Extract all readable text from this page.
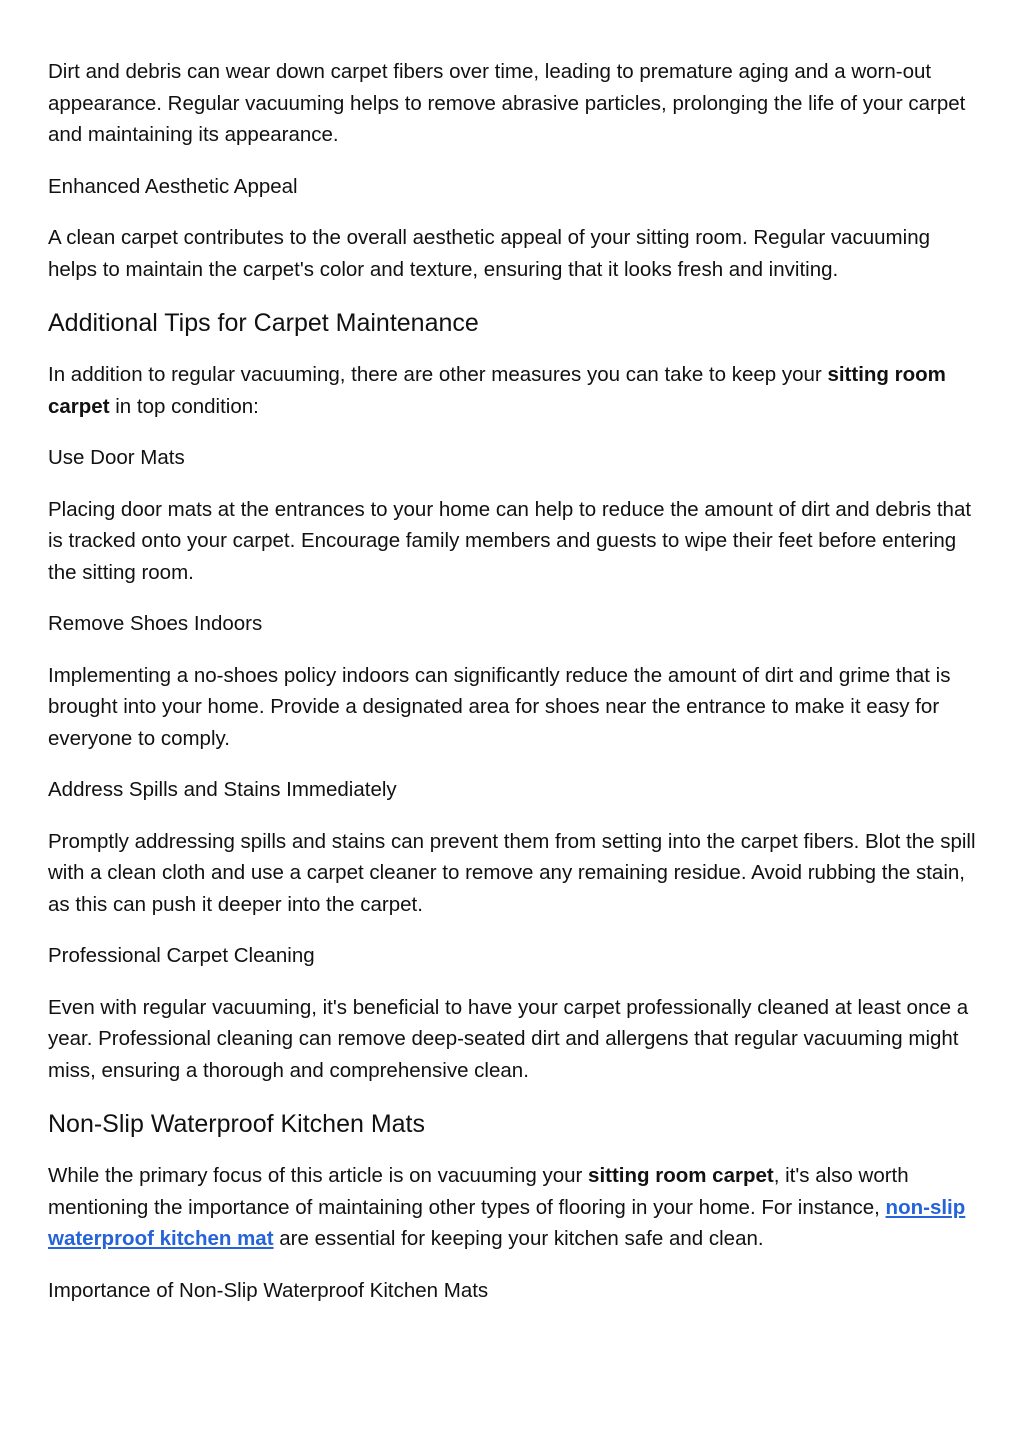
Dirt and debris can wear down carpet fibers over time, leading to premature aging and a worn-out appearance. Regular vacuuming helps to remove abrasive particles, prolonging the life of your carpet and maintaining its appearance.

Enhanced Aesthetic Appeal

A clean carpet contributes to the overall aesthetic appeal of your sitting room. Regular vacuuming helps to maintain the carpet's color and texture, ensuring that it looks fresh and inviting.

Additional Tips for Carpet Maintenance

In addition to regular vacuuming, there are other measures you can take to keep your sitting room carpet in top condition:

Use Door Mats

Placing door mats at the entrances to your home can help to reduce the amount of dirt and debris that is tracked onto your carpet. Encourage family members and guests to wipe their feet before entering the sitting room.

Remove Shoes Indoors

Implementing a no-shoes policy indoors can significantly reduce the amount of dirt and grime that is brought into your home. Provide a designated area for shoes near the entrance to make it easy for everyone to comply.

Address Spills and Stains Immediately

Promptly addressing spills and stains can prevent them from setting into the carpet fibers. Blot the spill with a clean cloth and use a carpet cleaner to remove any remaining residue. Avoid rubbing the stain, as this can push it deeper into the carpet.

Professional Carpet Cleaning

Even with regular vacuuming, it's beneficial to have your carpet professionally cleaned at least once a year. Professional cleaning can remove deep-seated dirt and allergens that regular vacuuming might miss, ensuring a thorough and comprehensive clean.

Non-Slip Waterproof Kitchen Mats

While the primary focus of this article is on vacuuming your sitting room carpet, it's also worth mentioning the importance of maintaining other types of flooring in your home. For instance, non-slip waterproof kitchen mat are essential for keeping your kitchen safe and clean.

Importance of Non-Slip Waterproof Kitchen Mats
